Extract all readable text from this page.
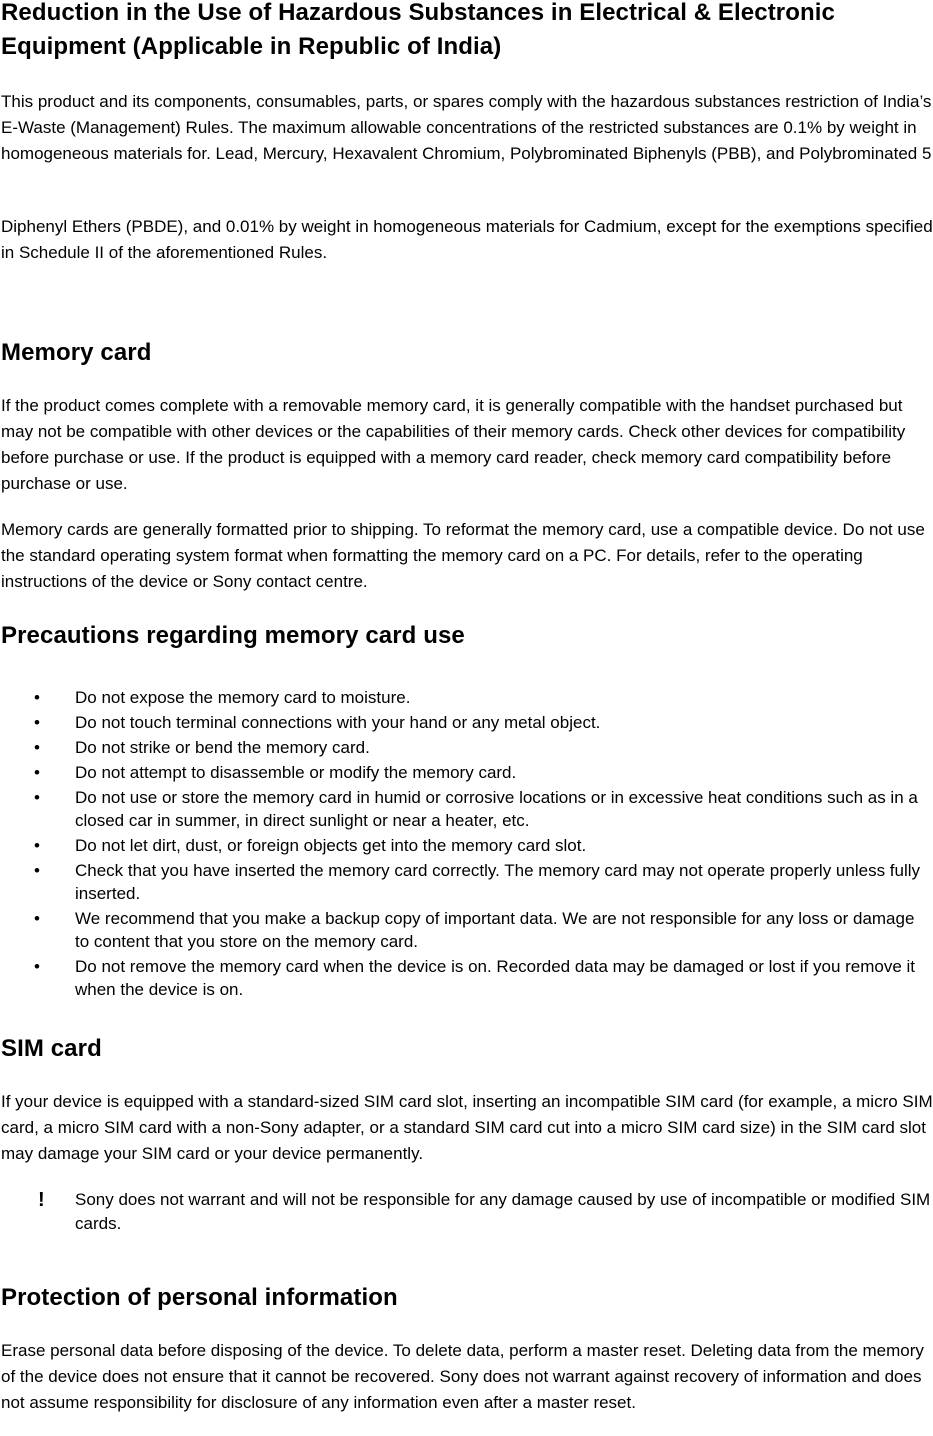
Reduction in the Use of Hazardous Substances in Electrical & Electronic Equipment (Applicable in Republic of India)

This product and its components, consumables, parts, or spares comply with the hazardous substances restriction of India’s E-Waste (Management) Rules. The maximum allowable concentrations of the restricted substances are 0.1% by weight in homogeneous materials for. Lead, Mercury, Hexavalent Chromium, Polybrominated Biphenyls (PBB), and Polybrominated 5

Diphenyl Ethers (PBDE), and 0.01% by weight in homogeneous materials for Cadmium, except for the exemptions specified in Schedule II of the aforementioned Rules.

Memory card

If the product comes complete with a removable memory card, it is generally compatible with the handset purchased but may not be compatible with other devices or the capabilities of their memory cards. Check other devices for compatibility before purchase or use. If the product is equipped with a memory card reader, check memory card compatibility before purchase or use.

Memory cards are generally formatted prior to shipping. To reformat the memory card, use a compatible device. Do not use the standard operating system format when formatting the memory card on a PC. For details, refer to the operating instructions of the device or Sony contact centre.

Precautions regarding memory card use
• Do not expose the memory card to moisture.
• Do not touch terminal connections with your hand or any metal object.
• Do not strike or bend the memory card.
• Do not attempt to disassemble or modify the memory card.
• Do not use or store the memory card in humid or corrosive locations or in excessive heat conditions such as in a closed car in summer, in direct sunlight or near a heater, etc.
• Do not let dirt, dust, or foreign objects get into the memory card slot.
• Check that you have inserted the memory card correctly. The memory card may not operate properly unless fully inserted.
• We recommend that you make a backup copy of important data. We are not responsible for any loss or damage to content that you store on the memory card.
• Do not remove the memory card when the device is on. Recorded data may be damaged or lost if you remove it when the device is on.
SIM card

If your device is equipped with a standard-sized SIM card slot, inserting an incompatible SIM card (for example, a micro SIM card, a micro SIM card with a non-Sony adapter, or a standard SIM card cut into a micro SIM card size) in the SIM card slot may damage your SIM card or your device permanently.

!	Sony does not warrant and will not be responsible for any damage caused by use of incompatible or modified SIM cards.
Protection of personal information

Erase personal data before disposing of the device. To delete data, perform a master reset. Deleting data from the memory of the device does not ensure that it cannot be recovered. Sony does not warrant against recovery of information and does not assume responsibility for disclosure of any information even after a master reset.
